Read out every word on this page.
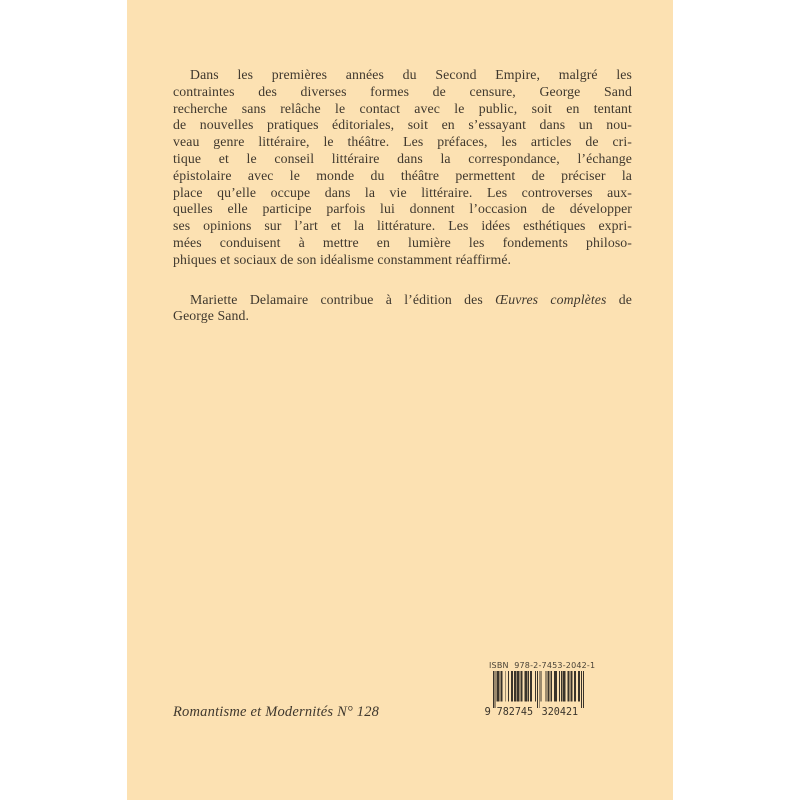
Dans les premières années du Second Empire, malgré les
contraintes des diverses formes de censure, George Sand
recherche sans relâche le contact avec le public, soit en tentant
de nouvelles pratiques éditoriales, soit en s’essayant dans un nou-
veau genre littéraire, le théâtre. Les préfaces, les articles de cri-
tique et le conseil littéraire dans la correspondance, l’échange
épistolaire avec le monde du théâtre permettent de préciser la
place qu’elle occupe dans la vie littéraire. Les controverses aux-
quelles elle participe parfois lui donnent l’occasion de développer
ses opinions sur l’art et la littérature. Les idées esthétiques expri-
mées conduisent à mettre en lumière les fondements philoso-
phiques et sociaux de son idéalisme constamment réaffirmé.
Mariette Delamaire contribue à l’édition des Œuvres complètes de
George Sand.
Romantisme et Modernités N° 128
ISBN  978-2-7453-2042-1
9 782745 320421
